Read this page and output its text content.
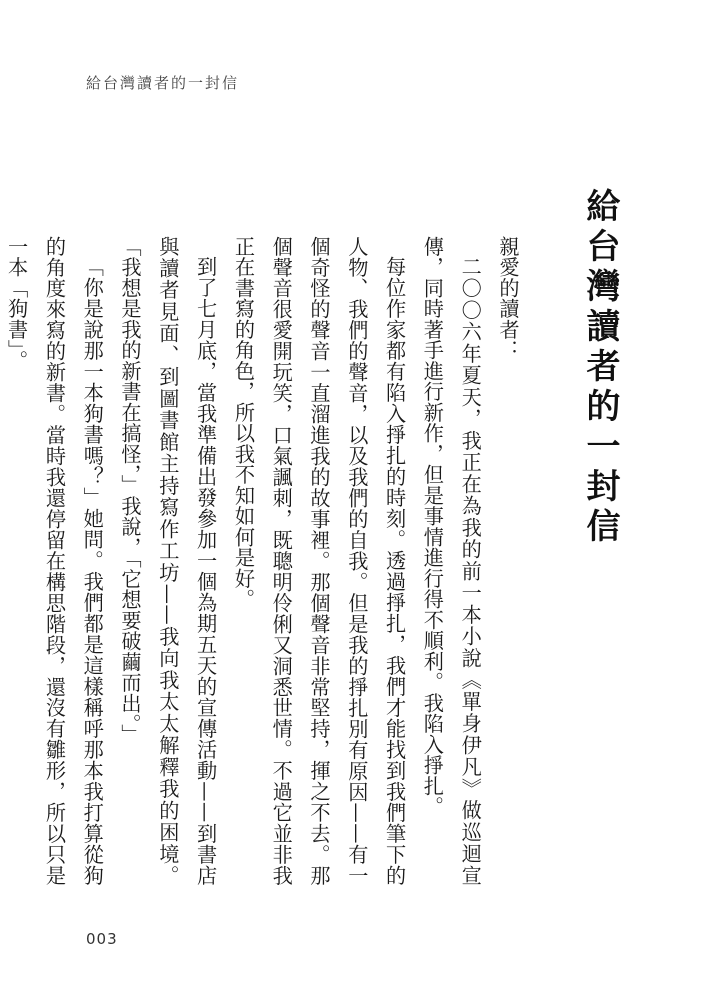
給台灣讀者的一封信
給台灣讀者的一封信

親愛的讀者：

二〇〇六年夏天，我正在為我的前一本小說《單身伊凡》做巡迴宣傳，同時著手進行新作，但是事情進行得不順利。我陷入掙扎。

每位作家都有陷入掙扎的時刻。透過掙扎，我們才能找到我們筆下的人物、我們的聲音，以及我們的自我。但是我的掙扎別有原因——有一個奇怪的聲音一直溜進我的故事裡。那個聲音非常堅持，揮之不去。那個聲音很愛開玩笑，口氣諷刺，既聰明伶俐又洞悉世情。不過它並非我正在書寫的角色，所以我不知如何是好。

到了七月底，當我準備出發參加一個為期五天的宣傳活動——到書店與讀者見面、到圖書館主持寫作工坊——我向我太太解釋我的困境。「我想是我的新書在搞怪，」我說，「它想要破繭而出。」

「你是說那一本狗書嗎？」她問。我們都是這樣稱呼那本我打算從狗的角度來寫的新書。當時我還停留在構思階段，還沒有雛形，所以只是一本「狗書」。

003
